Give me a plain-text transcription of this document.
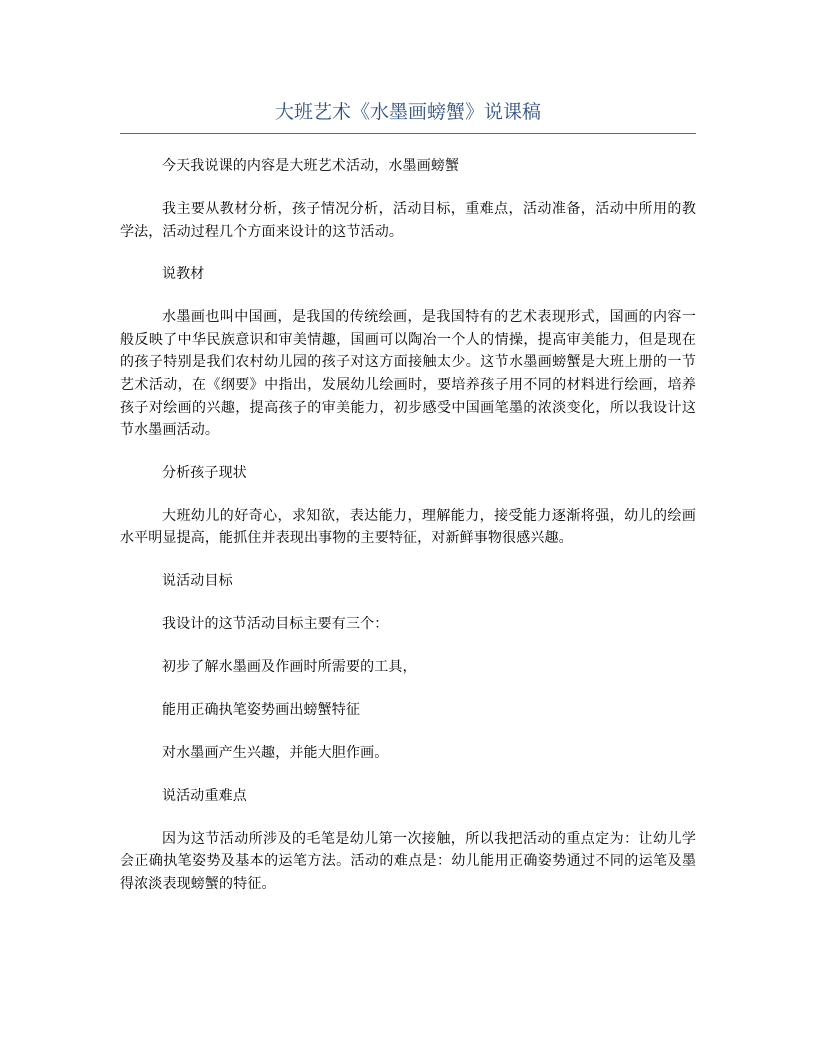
大班艺术《水墨画螃蟹》说课稿

今天我说课的内容是大班艺术活动，水墨画螃蟹

我主要从教材分析，孩子情况分析，活动目标，重难点，活动准备，活动中所用的教学法，活动过程几个方面来设计的这节活动。

说教材

水墨画也叫中国画，是我国的传统绘画，是我国特有的艺术表现形式，国画的内容一般反映了中华民族意识和审美情趣，国画可以陶冶一个人的情操，提高审美能力，但是现在的孩子特别是我们农村幼儿园的孩子对这方面接触太少。这节水墨画螃蟹是大班上册的一节艺术活动，在《纲要》中指出，发展幼儿绘画时，要培养孩子用不同的材料进行绘画，培养孩子对绘画的兴趣，提高孩子的审美能力，初步感受中国画笔墨的浓淡变化，所以我设计这节水墨画活动。

分析孩子现状

大班幼儿的好奇心，求知欲，表达能力，理解能力，接受能力逐渐将强，幼儿的绘画水平明显提高，能抓住并表现出事物的主要特征，对新鲜事物很感兴趣。

说活动目标

我设计的这节活动目标主要有三个：

初步了解水墨画及作画时所需要的工具，

能用正确执笔姿势画出螃蟹特征

对水墨画产生兴趣，并能大胆作画。

说活动重难点

因为这节活动所涉及的毛笔是幼儿第一次接触，所以我把活动的重点定为：让幼儿学会正确执笔姿势及基本的运笔方法。活动的难点是：幼儿能用正确姿势通过不同的运笔及墨得浓淡表现螃蟹的特征。
